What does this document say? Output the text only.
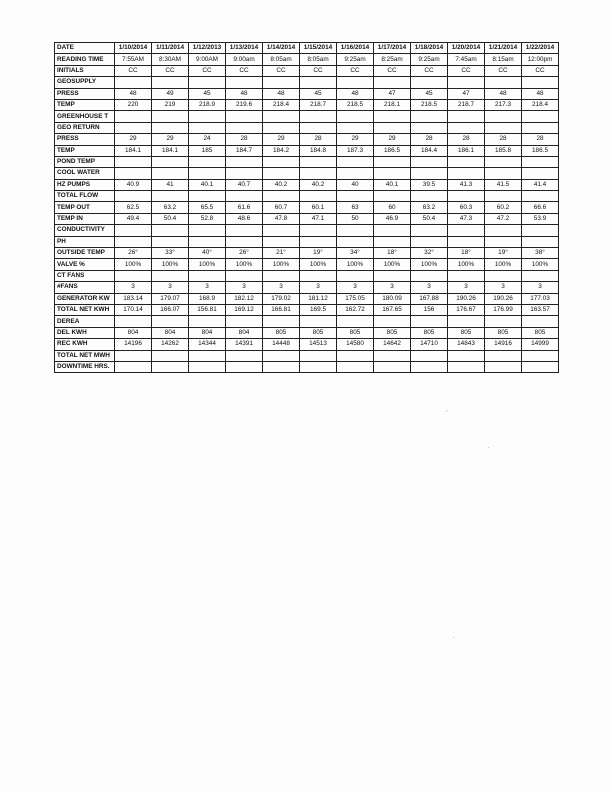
DATE	1/10/2014	1/11/2014	1/12/2013	1/13/2014	1/14/2014	1/15/2014	1/16/2014	1/17/2014	1/18/2014	1/20/2014	1/21/2014	1/22/2014
READING TIME	7:55AM	8:30AM	9:00AM	9:00am	8:05am	8:05am	9:25am	8:25am	9:25am	7:45am	8:15am	12:00pm
INITIALS	CC	CC	CC	CC	CC	CC	CC	CC	CC	CC	CC	CC
GEOSUPPLY												
PRESS	48	49	45	48	48	45	48	47	45	47	48	48
TEMP	220	219	218.9	219.6	218.4	218.7	218.5	218.1	218.5	218.7	217.3	218.4
GREENHOUSE T												
GEO RETURN												
PRESS	29	29	24	28	29	28	29	29	28	28	28	28
TEMP	184.1	184.1	185	184.7	184.2	184.8	187.3	186.5	184.4	186.1	185.8	186.5
POND TEMP												
COOL WATER												
HZ PUMPS	40.9	41	40.1	40.7	40.2	40.2	40	40.1	39.5	41.3	41.5	41.4
TOTAL FLOW												
TEMP OUT	62.5	63.2	65.5	61.6	60.7	60.1	63	60	63.2	60.3	60.2	66.6
TEMP IN	49.4	50.4	52.8	48.6	47.8	47.1	50	46.9	50.4	47.3	47.2	53.9
CONDUCTIVITY												
PH												
OUTSIDE TEMP	26°	33°	40°	26°	21°	19°	34°	18°	32°	18°	19°	38°
VALVE %	100%	100%	100%	100%	100%	100%	100%	100%	100%	100%	100%	100%
CT FANS												
#FANS	3	3	3	3	3	3	3	3	3	3	3	3
GENERATOR KW	183.14	179.07	168.9	182.12	179.02	181.12	175.05	180.09	167.88	190.26	190.26	177.03
TOTAL NET KWH	170.14	166.07	156.81	169.12	166.81	169.5	162.72	167.65	156	176.67	176.99	163.57
DEREA												
DEL KWH	804	804	804	804	805	805	805	805	805	805	805	805
REC KWH	14196	14262	14344	14391	14448	14513	14580	14642	14710	14843	14916	14999
TOTAL NET MWH												
DOWNTIME HRS.												
.·
.
.
